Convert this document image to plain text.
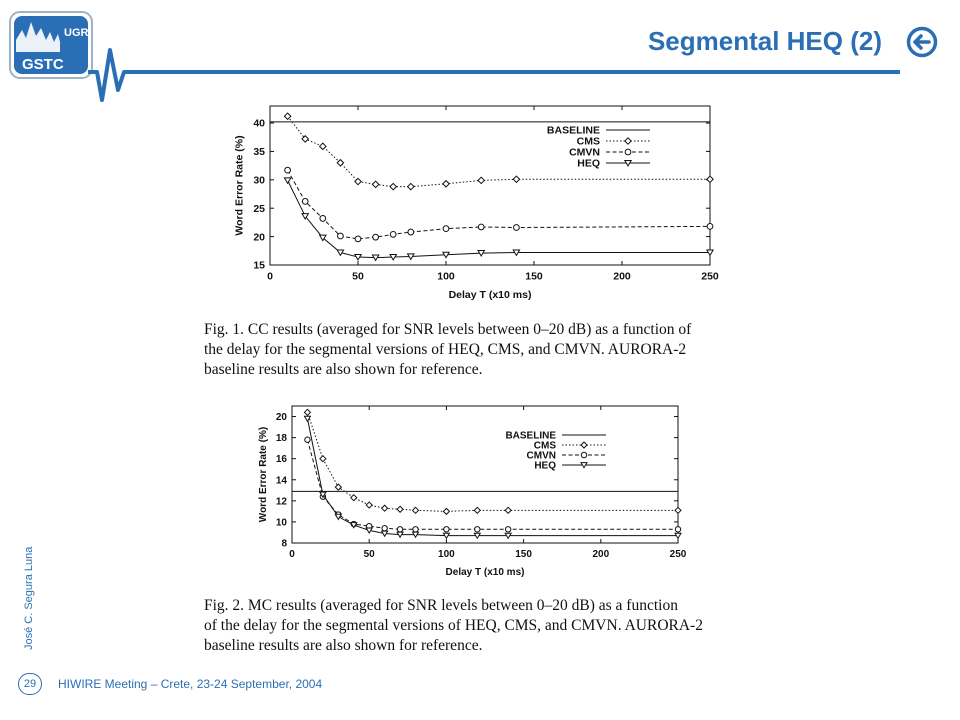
UGR
GSTC
Segmental HEQ (2)
0	50	100	150	200	250
15
20
25
30
35
40
Delay T (x10 ms)
Word Error Rate (%)
BASELINE
CMS
CMVN
HEQ
Fig. 1. CC results (averaged for SNR levels between 0–20 dB) as a function of
the delay for the segmental versions of HEQ, CMS, and CMVN. AURORA-2
baseline results are also shown for reference.
0	50	100	150	200	250
8
10
12
14
16
18
20
Delay T (x10 ms)
Word Error Rate (%)	BASELINE
CMS
CMVN
HEQ
Fig. 2. MC results (averaged for SNR levels between 0–20 dB) as a function
of the delay for the segmental versions of HEQ, CMS, and CMVN. AURORA-2
baseline results are also shown for reference.
José C. Segura Luna
29	HIWIRE Meeting – Crete, 23-24 September, 2004
